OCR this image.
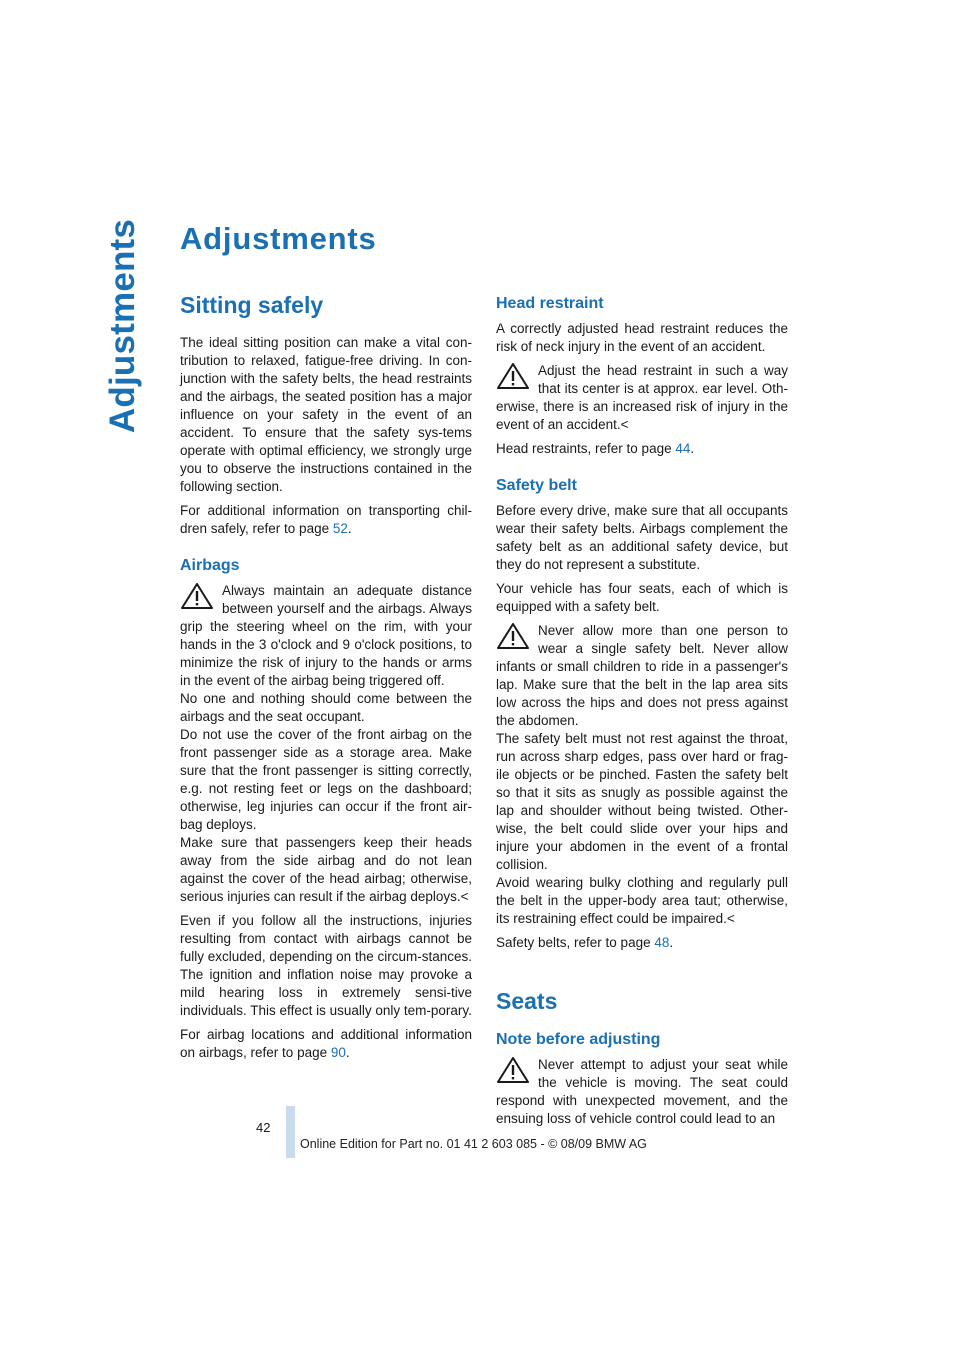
Adjustments Adjustments
Sitting safely

The ideal sitting position can make a vital con-tribution to relaxed, fatigue-free driving. In con-junction with the safety belts, the head restraints and the airbags, the seated position has a major influence on your safety in the event of an accident. To ensure that the safety sys-tems operate with optimal efficiency, we strongly urge you to observe the instructions contained in the following section.

For additional information on transporting chil-dren safely, refer to page 52.

Airbags
Always maintain an adequate distance between yourself and the airbags. Always grip the steering wheel on the rim, with your hands in the 3 o'clock and 9 o'clock positions, to minimize the risk of injury to the hands or arms in the event of the airbag being triggered off.
No one and nothing should come between the airbags and the seat occupant.
Do not use the cover of the front airbag on the front passenger side as a storage area. Make sure that the front passenger is sitting correctly, e.g. not resting feet or legs on the dashboard; otherwise, leg injuries can occur if the front air-bag deploys.
Make sure that passengers keep their heads away from the side airbag and do not lean against the cover of the head airbag; otherwise, serious injuries can result if the airbag deploys.<

Even if you follow all the instructions, injuries resulting from contact with airbags cannot be fully excluded, depending on the circum-stances. The ignition and inflation noise may provoke a mild hearing loss in extremely sensi-tive individuals. This effect is usually only tem-porary.

For airbag locations and additional information on airbags, refer to page 90.

Head restraint

A correctly adjusted head restraint reduces the risk of neck injury in the event of an accident.

Adjust the head restraint in such a way that its center is at approx. ear level. Oth-erwise, there is an increased risk of injury in the event of an accident.<

Head restraints, refer to page 44.

Safety belt

Before every drive, make sure that all occupants wear their safety belts. Airbags complement the safety belt as an additional safety device, but they do not represent a substitute.

Your vehicle has four seats, each of which is equipped with a safety belt.

Never allow more than one person to wear a single safety belt. Never allow infants or small children to ride in a passenger's lap. Make sure that the belt in the lap area sits low across the hips and does not press against the abdomen.
The safety belt must not rest against the throat, run across sharp edges, pass over hard or frag-ile objects or be pinched. Fasten the safety belt so that it sits as snugly as possible against the lap and shoulder without being twisted. Other-wise, the belt could slide over your hips and injure your abdomen in the event of a frontal collision.
Avoid wearing bulky clothing and regularly pull the belt in the upper-body area taut; otherwise, its restraining effect could be impaired.<

Safety belts, refer to page 48.

Seats
Note before adjusting
Never attempt to adjust your seat while the vehicle is moving. The seat could respond with unexpected movement, and the ensuing loss of vehicle control could lead to an
42
Online Edition for Part no. 01 41 2 603 085 - © 08/09 BMW AG
